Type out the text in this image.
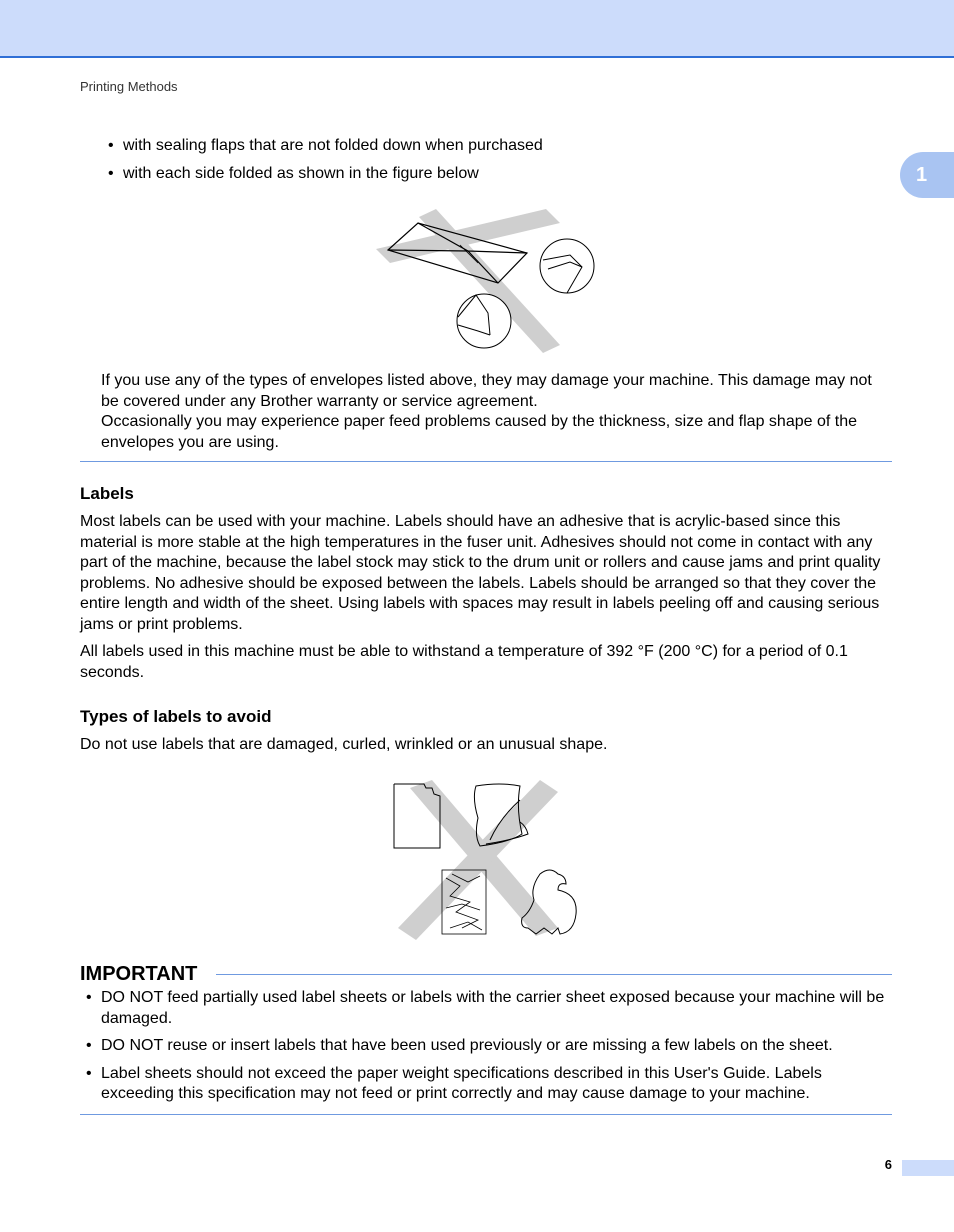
Printing Methods
1
• with sealing flaps that are not folded down when purchased
• with each side folded as shown in the figure below

If you use any of the types of envelopes listed above, they may damage your machine. This damage may not be covered under any Brother warranty or service agreement.
Occasionally you may experience paper feed problems caused by the thickness, size and flap shape of the envelopes you are using.

Labels

Most labels can be used with your machine. Labels should have an adhesive that is acrylic-based since this material is more stable at the high temperatures in the fuser unit. Adhesives should not come in contact with any part of the machine, because the label stock may stick to the drum unit or rollers and cause jams and print quality problems. No adhesive should be exposed between the labels. Labels should be arranged so that they cover the entire length and width of the sheet. Using labels with spaces may result in labels peeling off and causing serious jams or print problems.

All labels used in this machine must be able to withstand a temperature of 392 °F (200 °C) for a period of 0.1 seconds.

Types of labels to avoid

Do not use labels that are damaged, curled, wrinkled or an unusual shape.

IMPORTANT
• DO NOT feed partially used label sheets or labels with the carrier sheet exposed because your machine will be damaged.
• DO NOT reuse or insert labels that have been used previously or are missing a few labels on the sheet.
• Label sheets should not exceed the paper weight specifications described in this User's Guide. Labels exceeding this specification may not feed or print correctly and may cause damage to your machine.
6
